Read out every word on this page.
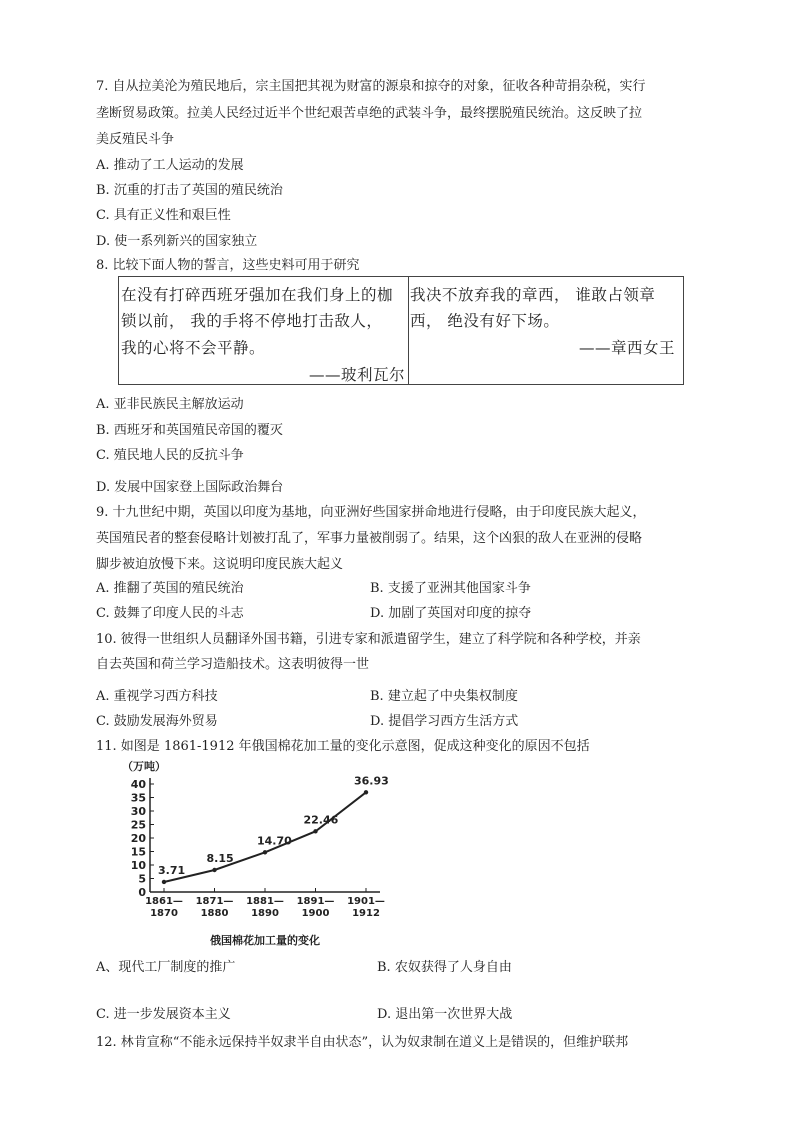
7. 自从拉美沦为殖民地后，宗主国把其视为财富的源泉和掠夺的对象，征收各种苛捐杂税，实行
垄断贸易政策。拉美人民经过近半个世纪艰苦卓绝的武装斗争，最终摆脱殖民统治。这反映了拉
美反殖民斗争
A. 推动了工人运动的发展
B. 沉重的打击了英国的殖民统治
C. 具有正义性和艰巨性
D. 使一系列新兴的国家独立
8. 比较下面人物的誓言，这些史料可用于研究
在没有打碎西班牙强加在我们身上的枷
锁以前， 我的手将不停地打击敌人，
我的心将不会平静。
——玻利瓦尔
我决不放弃我的章西， 谁敢占领章
西， 绝没有好下场。
——章西女王
A. 亚非民族民主解放运动
B. 西班牙和英国殖民帝国的覆灭
C. 殖民地人民的反抗斗争
D. 发展中国家登上国际政治舞台
9. 十九世纪中期，英国以印度为基地，向亚洲好些国家拼命地进行侵略，由于印度民族大起义，
英国殖民者的整套侵略计划被打乱了，军事力量被削弱了。结果，这个凶狠的敌人在亚洲的侵略
脚步被迫放慢下来。这说明印度民族大起义
A. 推翻了英国的殖民统治	B. 支援了亚洲其他国家斗争
C. 鼓舞了印度人民的斗志	D. 加剧了英国对印度的掠夺
10. 彼得一世组织人员翻译外国书籍，引进专家和派遣留学生，建立了科学院和各种学校，并亲
自去英国和荷兰学习造船技术。这表明彼得一世
A. 重视学习西方科技	B. 建立起了中央集权制度
C. 鼓励发展海外贸易	D. 提倡学习西方生活方式
11. 如图是 1861-1912 年俄国棉花加工量的变化示意图，促成这种变化的原因不包括
（万吨）
0
5
10
15
20
25
30
35
40
1861—
1870
1871—
1880
1881—
1890
1891—
1900
1901—
1912
3.71
8.15
14.70
22.46
36.93
俄国棉花加工量的变化
A、现代工厂制度的推广	B. 农奴获得了人身自由
C. 进一步发展资本主义	D. 退出第一次世界大战
12. 林肯宣称“不能永远保持半奴隶半自由状态”，认为奴隶制在道义上是错误的，但维护联邦
